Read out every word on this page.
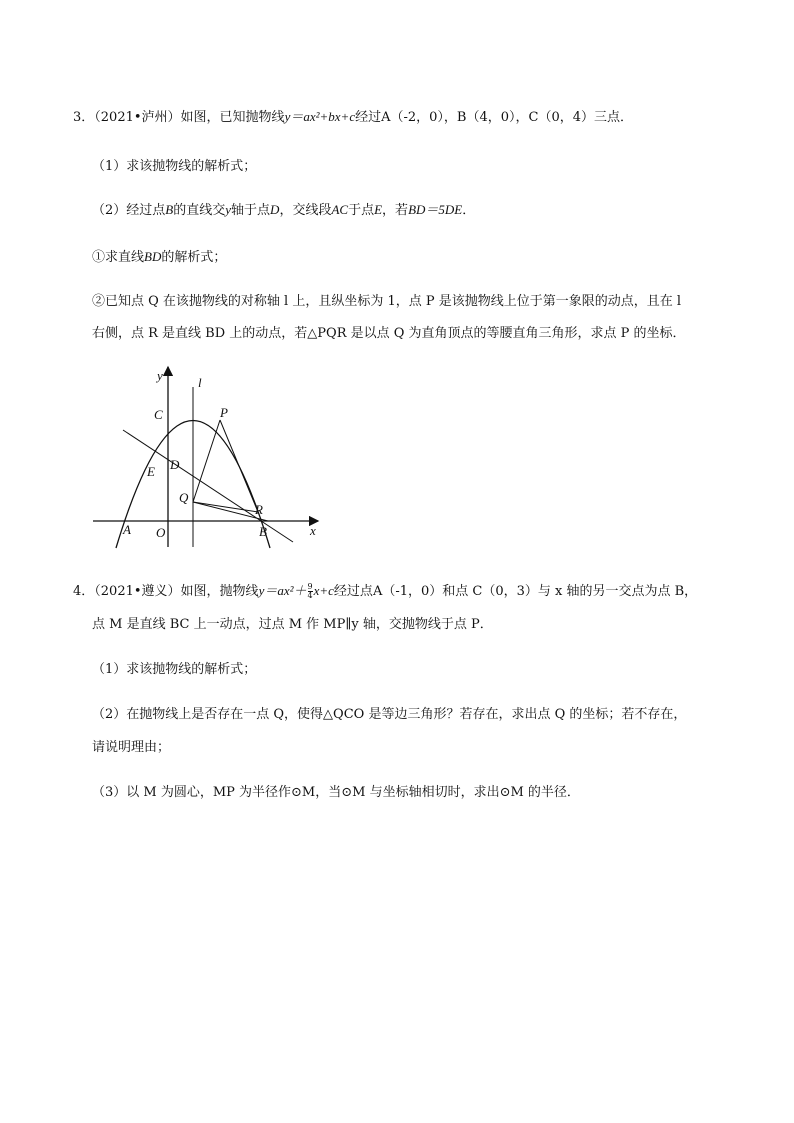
3．（2021•泸州）如图，已知抛物线y＝ax²+bx+c经过A（-2，0），B（4，0），C（0，4）三点．
（1）求该抛物线的解析式；
（2）经过点B的直线交y轴于点D，交线段AC于点E，若BD＝5DE．
①求直线BD的解析式；
②已知点 Q 在该抛物线的对称轴 l 上，且纵坐标为 1，点 P 是该抛物线上位于第一象限的动点，且在 l
右侧，点 R 是直线 BD 上的动点，若△PQR 是以点 Q 为直角顶点的等腰直角三角形，求点 P 的坐标．
y	l
C	P
D
E
Q
R
A O	B	x
4．（2021•遵义）如图，抛物线$y=ax^2+ \frac{9}{4} x+c$经过点A（-1，0）和点 C（0，3）与 x 轴的另一交点为点 B，
点 M 是直线 BC 上一动点，过点 M 作 MP∥y 轴，交抛物线于点 P．
（1）求该抛物线的解析式；
（2）在抛物线上是否存在一点 Q，使得△QCO 是等边三角形？若存在，求出点 Q 的坐标；若不存在，
请说明理由；
（3）以 M 为圆心，MP 为半径作⊙M，当⊙M 与坐标轴相切时，求出⊙M 的半径．
